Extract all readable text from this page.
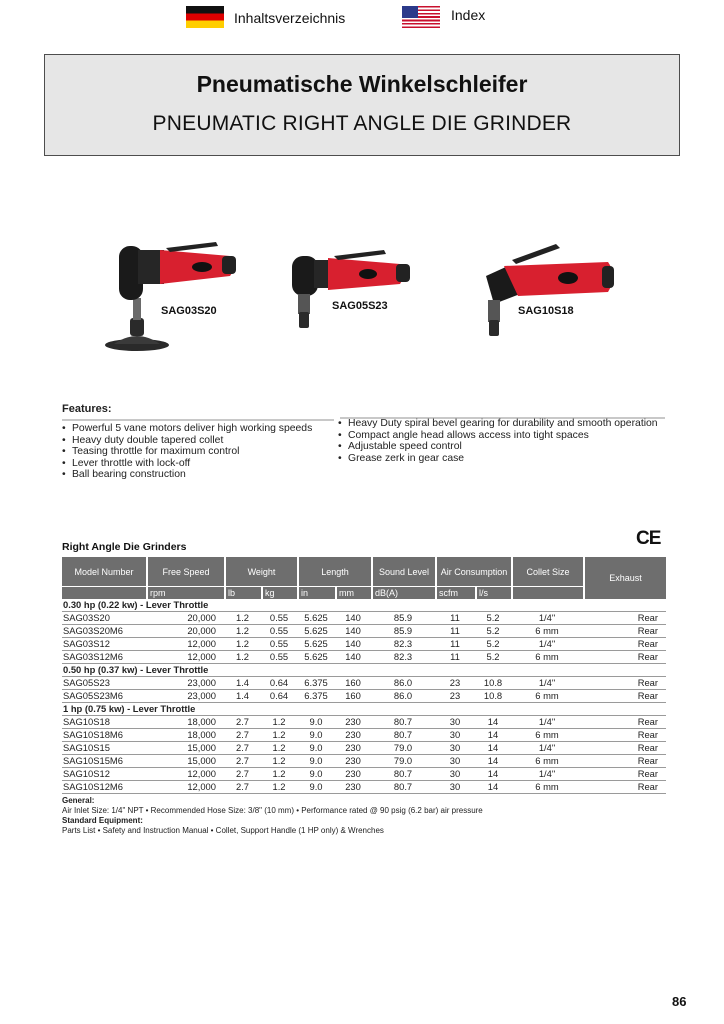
Inhaltsverzeichnis	Index
Pneumatische Winkelschleifer
PNEUMATIC RIGHT ANGLE DIE GRINDER
SAG03S20	SAG05S23	SAG10S18
Features:
• Powerful 5 vane motors deliver high working speeds
• Heavy duty double tapered collet
• Teasing throttle for maximum control
• Lever throttle with lock-off
• Ball bearing construction
• Heavy Duty spiral bevel gearing for durability and smooth operation
• Compact angle head allows access into tight spaces
• Adjustable speed control
• Grease zerk in gear case
CE
Right Angle Die Grinders
Model Number	Free Speed	Weight		Length		Sound Level	Air Consumption		Collet Size	Exhaust
	rpm	lb	kg	in	mm	dB(A)	scfm	l/s		
0.30 hp (0.22 kw) - Lever Throttle										
SAG03S20	20,000	1.2	0.55	5.625	140	85.9	11	5.2	1/4"	Rear
SAG03S20M6	20,000	1.2	0.55	5.625	140	85.9	11	5.2	6 mm	Rear
SAG03S12	12,000	1.2	0.55	5.625	140	82.3	11	5.2	1/4"	Rear
SAG03S12M6	12,000	1.2	0.55	5.625	140	82.3	11	5.2	6 mm	Rear
0.50 hp (0.37 kw) - Lever Throttle										
SAG05S23	23,000	1.4	0.64	6.375	160	86.0	23	10.8	1/4"	Rear
SAG05S23M6	23,000	1.4	0.64	6.375	160	86.0	23	10.8	6 mm	Rear
1 hp (0.75 kw) - Lever Throttle										
SAG10S18	18,000	2.7	1.2	9.0	230	80.7	30	14	1/4"	Rear
SAG10S18M6	18,000	2.7	1.2	9.0	230	80.7	30	14	6 mm	Rear
SAG10S15	15,000	2.7	1.2	9.0	230	79.0	30	14	1/4"	Rear
SAG10S15M6	15,000	2.7	1.2	9.0	230	79.0	30	14	6 mm	Rear
SAG10S12	12,000	2.7	1.2	9.0	230	80.7	30	14	1/4"	Rear
SAG10S12M6	12,000	2.7	1.2	9.0	230	80.7	30	14	6 mm	Rear
General:
Air Inlet Size: 1/4" NPT • Recommended Hose Size: 3/8" (10 mm) • Performance rated @ 90 psig (6.2 bar) air pressure
Standard Equipment:
Parts List • Safety and Instruction Manual • Collet, Support Handle (1 HP only) & Wrenches
86
